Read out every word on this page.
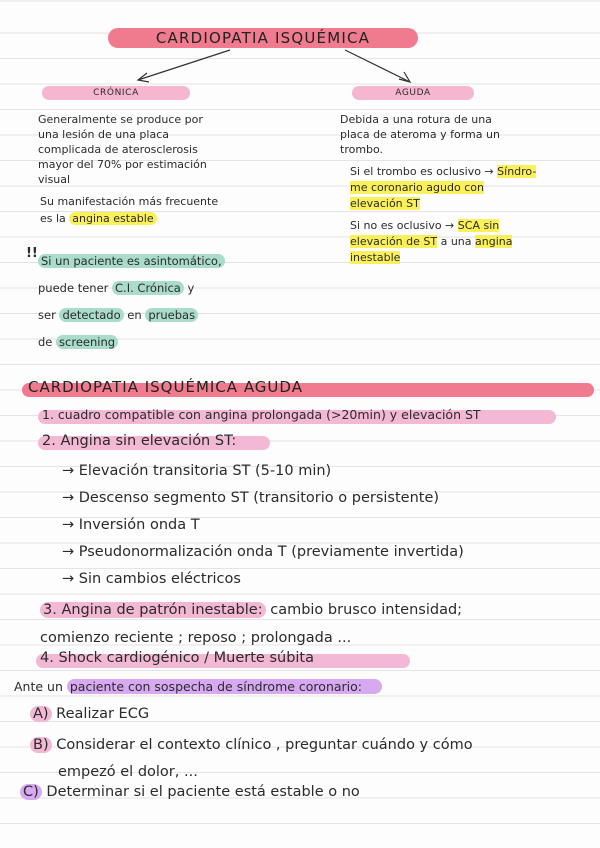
CARDIOPATIA ISQUÉMICA
CRÓNICA	AGUDA
Generalmente se produce por
una lesión de una placa
complicada de aterosclerosis
mayor del 70% por estimación
visual
Su manifestación más frecuente
es la angina estable
!! Si un paciente es asintomático,
puede tener C.I. Crónica y
ser detectado en pruebas
de screening
Debida a una rotura de una
placa de ateroma y forma un
trombo.
Si el trombo es oclusivo → Síndro-
me coronario agudo con
elevación ST
Si no es oclusivo → SCA sin
elevación de ST a una angina
inestable
CARDIOPATIA ISQUÉMICA AGUDA
1. cuadro compatible con angina prolongada (>20min) y elevación ST
2. Angina sin elevación ST:
→ Elevación transitoria ST (5-10 min)
→ Descenso segmento ST (transitorio o persistente)
→ Inversión onda T
→ Pseudonormalización onda T (previamente invertida)
→ Sin cambios eléctricos
3. Angina de patrón inestable: cambio brusco intensidad;
comienzo reciente ; reposo ; prolongada ...
4. Shock cardiogénico / Muerte súbita
Ante un paciente con sospecha de síndrome coronario:
A) Realizar ECG
B) Considerar el contexto clínico , preguntar cuándo y cómo
empezó el dolor, ...
C) Determinar si el paciente está estable o no
